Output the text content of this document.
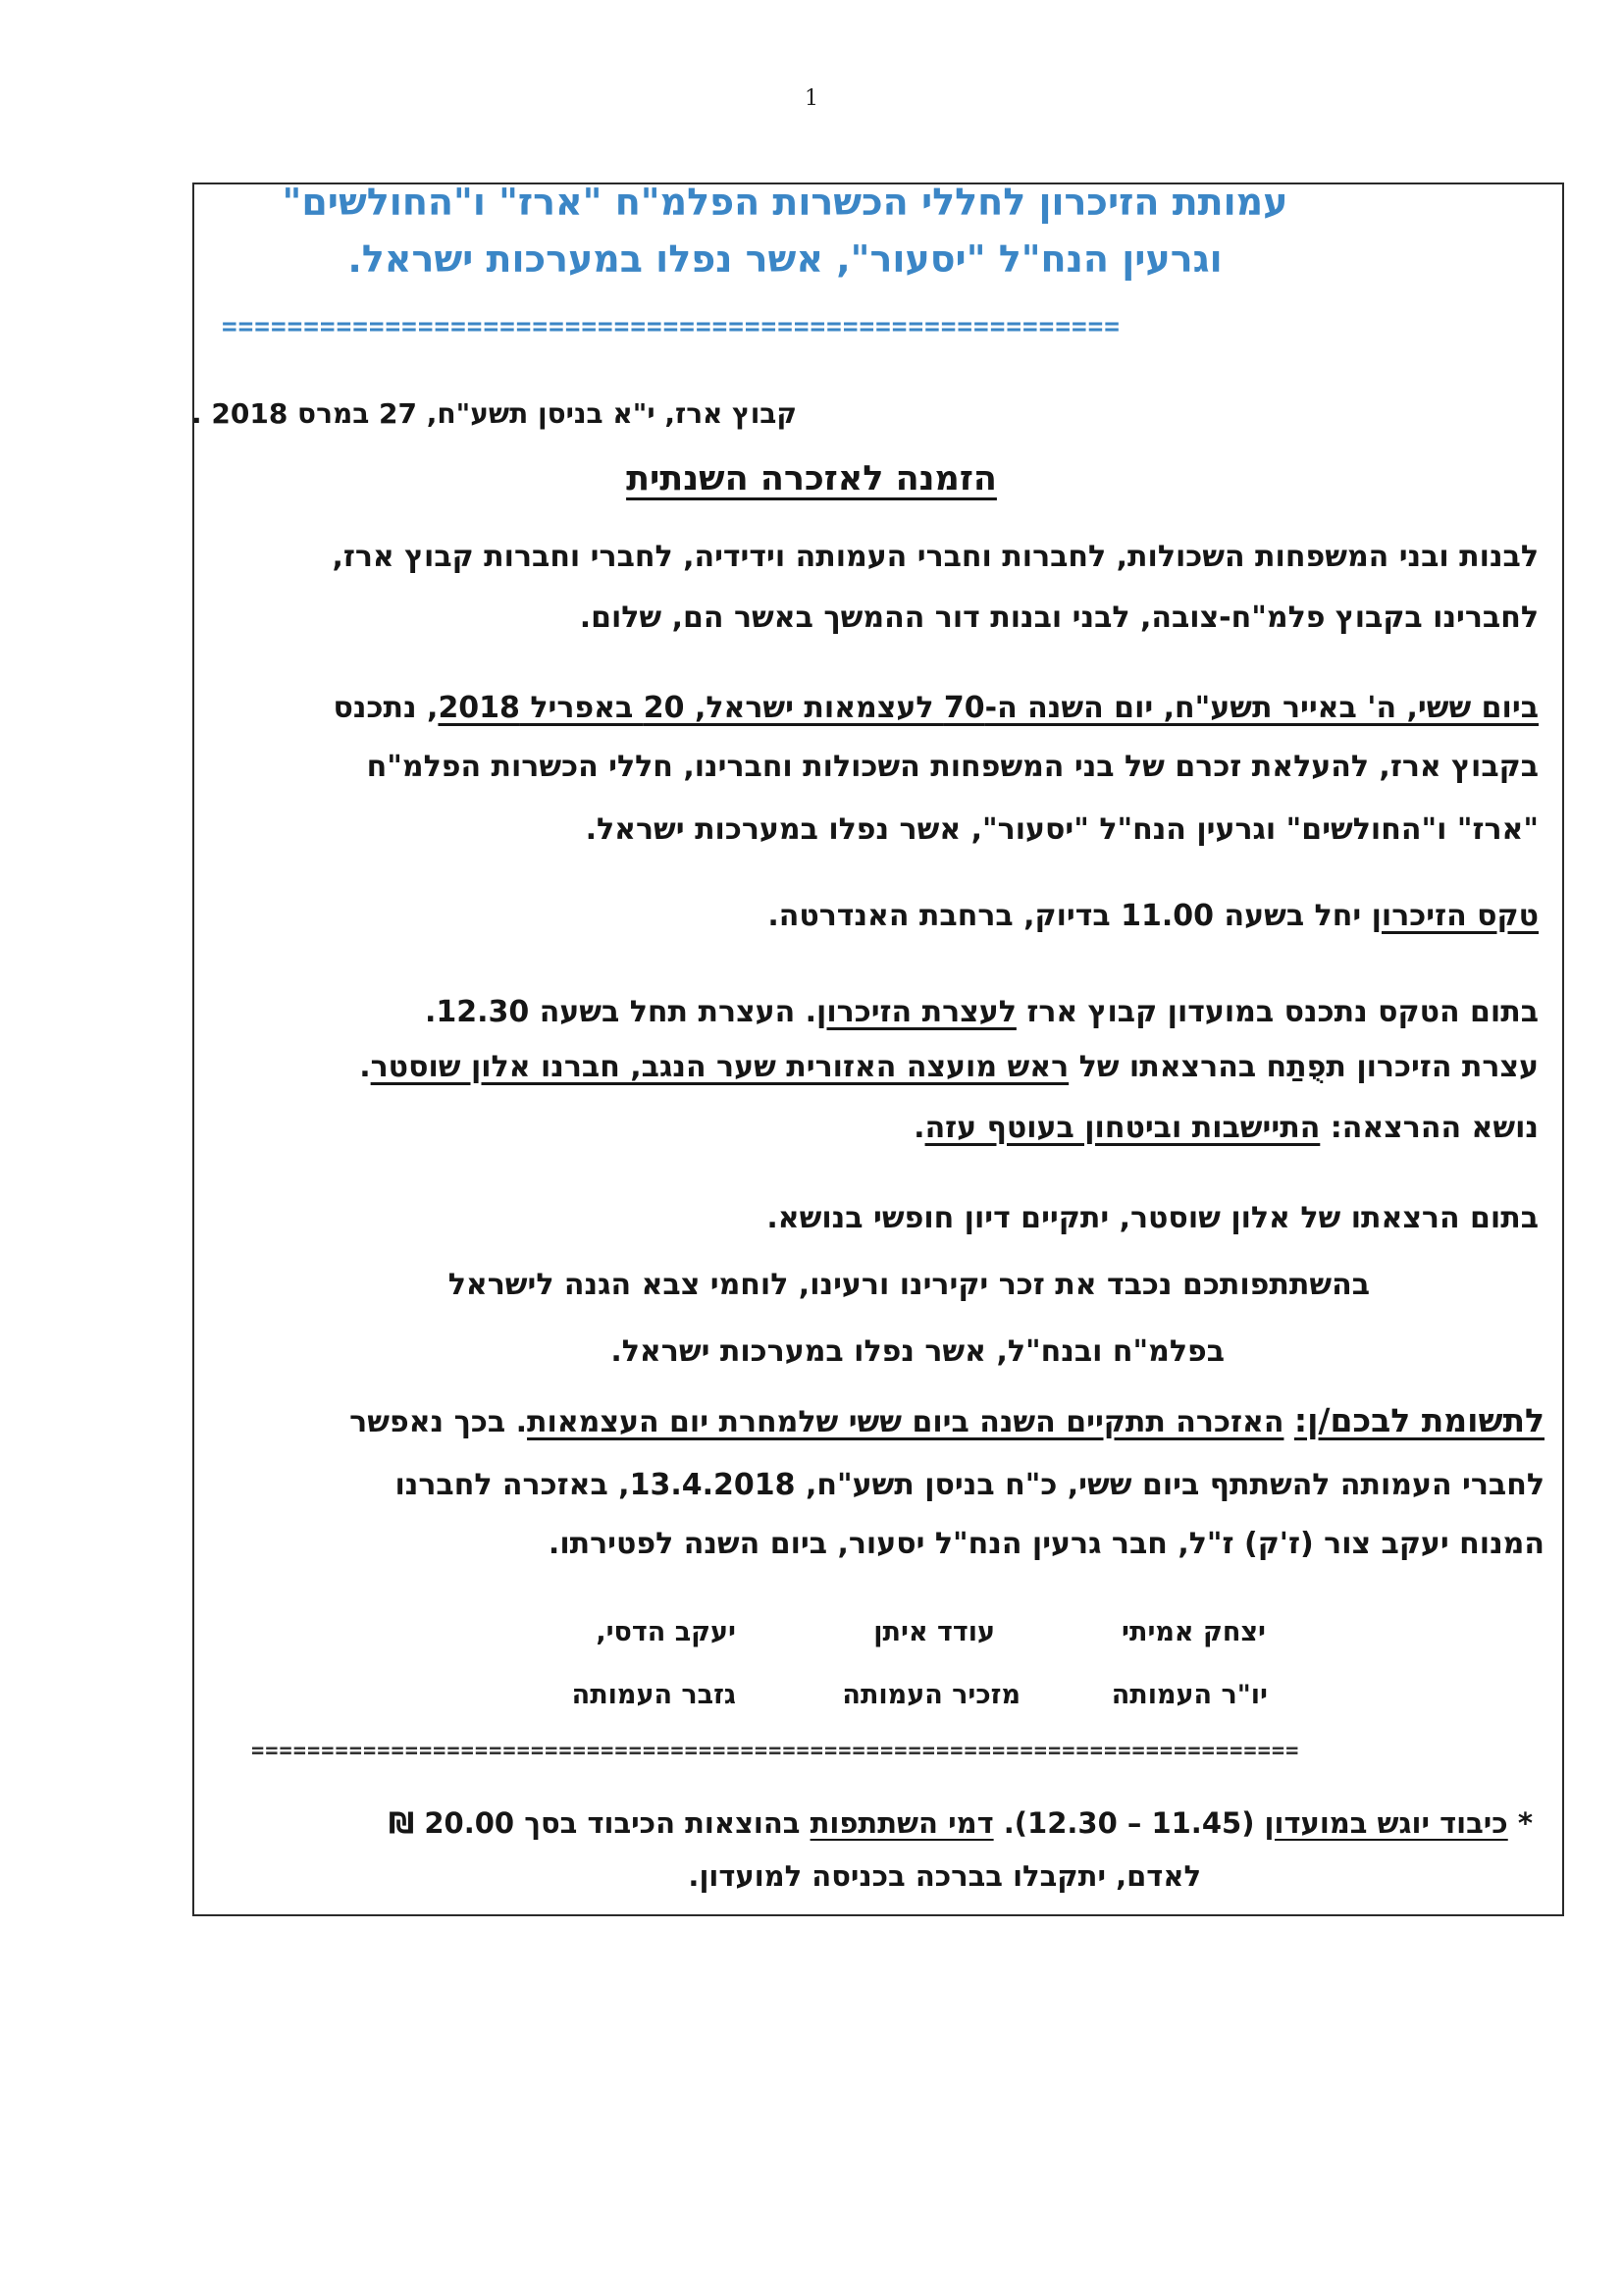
1
עמותת הזיכרון לחללי הכשרות הפלמ"ח "ארז" ו"החולשים"
וגרעין הנח"ל "יסעור", אשר נפלו במערכות ישראל.
=======================================================
קבוץ ארז, י"א בניסן תשע"ח, 27 במרס 2018 .
הזמנה לאזכרה השנתית
לבנות ובני המשפחות השכולות, לחברות וחברי העמותה וידידיה, לחברי וחברות קבוץ ארז,
לחברינו בקבוץ פלמ"ח-צובה, לבני ובנות דור ההמשך באשר הם, שלום.
ביום ששי, ה' באייר תשע"ח, יום השנה ה-70 לעצמאות ישראל, 20 באפריל 2018, נתכנס
בקבוץ ארז, להעלאת זכרם של בני המשפחות השכולות וחברינו, חללי הכשרות הפלמ"ח
"ארז" ו"החולשים" וגרעין הנח"ל "יסעור", אשר נפלו במערכות ישראל.
טקס הזיכרון יחל בשעה 11.00 בדיוק, ברחבת האנדרטה.
בתום הטקס נתכנס במועדון קבוץ ארז לעצרת הזיכרון. העצרת תחל בשעה 12.30.
עצרת הזיכרון תפֻתַח בהרצאתו של ראש מועצה האזורית שער הנגב, חברנו אלון שוסטר.
נושא ההרצאה: התיישבות וביטחון בעוטף עזה.
בתום הרצאתו של אלון שוסטר, יתקיים דיון חופשי בנושא.
בהשתתפותכם נכבד את זכר יקירינו ורעינו, לוחמי צבא הגנה לישראל
בפלמ"ח ובנח"ל, אשר נפלו במערכות ישראל.
לתשומת לבכם/ן: האזכרה תתקיים השנה ביום ששי שלמחרת יום העצמאות. בכך נאפשר
לחברי העמותה להשתתף ביום ששי, כ"ח בניסן תשע"ח, 13.4.2018, באזכרה לחברנו
המנוח יעקב צור (ז'ק) ז"ל, חבר גרעין הנח"ל יסעור, ביום השנה לפטירתו.
יצחק אמיתי
עודד איתן
יעקב הדסי,
יו"ר העמותה
מזכיר העמותה
גזבר העמותה
===========================================================================
* כיבוד יוגש במועדון (11.45 – 12.30). דמי השתתפות בהוצאות הכיבוד בסך 20.00 ₪
לאדם, יתקבלו בברכה בכניסה למועדון.
